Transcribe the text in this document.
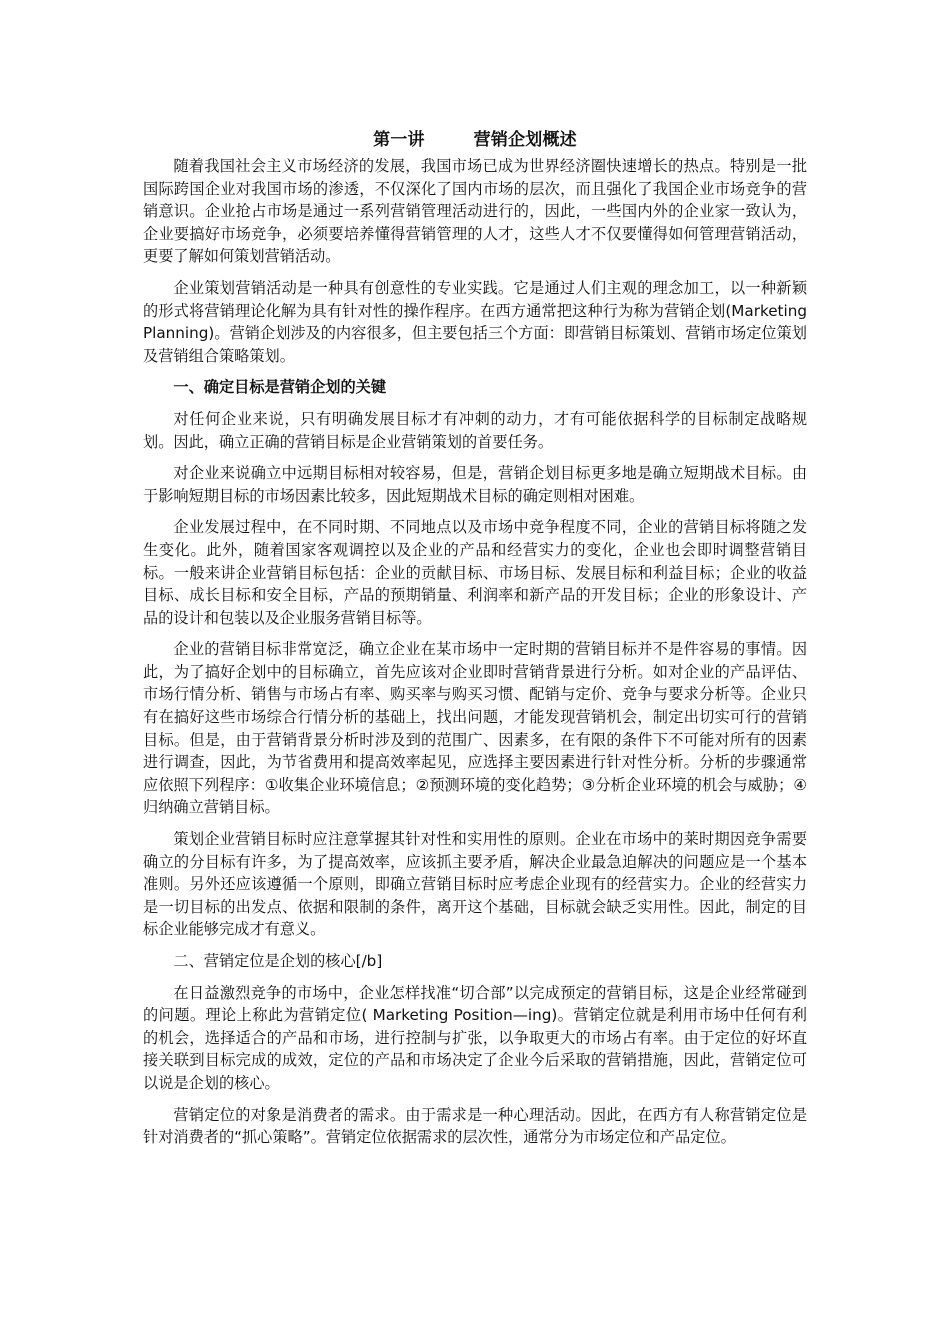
第一讲        营销企划概述

随着我国社会主义市场经济的发展，我国市场已成为世界经济圈快速增长的热点。特别是一批国际跨国企业对我国市场的渗透，不仅深化了国内市场的层次，而且强化了我国企业市场竞争的营销意识。企业抢占市场是通过一系列营销管理活动进行的，因此，一些国内外的企业家一致认为，企业要搞好市场竞争，必须要培养懂得营销管理的人才，这些人才不仅要懂得如何管理营销活动，更要了解如何策划营销活动。

企业策划营销活动是一种具有创意性的专业实践。它是通过人们主观的理念加工，以一种新颖的形式将营销理论化解为具有针对性的操作程序。在西方通常把这种行为称为营销企划(Marketing Planning)。营销企划涉及的内容很多，但主要包括三个方面：即营销目标策划、营销市场定位策划及营销组合策略策划。

一、确定目标是营销企划的关键

对任何企业来说，只有明确发展目标才有冲刺的动力，才有可能依据科学的目标制定战略规划。因此，确立正确的营销目标是企业营销策划的首要任务。

对企业来说确立中远期目标相对较容易，但是，营销企划目标更多地是确立短期战术目标。由于影响短期目标的市场因素比较多，因此短期战术目标的确定则相对困难。

企业发展过程中，在不同时期、不同地点以及市场中竞争程度不同，企业的营销目标将随之发生变化。此外，随着国家客观调控以及企业的产品和经营实力的变化，企业也会即时调整营销目标。一般来讲企业营销目标包括：企业的贡献目标、市场目标、发展目标和利益目标；企业的收益目标、成长目标和安全目标，产品的预期销量、利润率和新产品的开发目标；企业的形象设计、产品的设计和包装以及企业服务营销目标等。

企业的营销目标非常宽泛，确立企业在某市场中一定时期的营销目标并不是件容易的事情。因此，为了搞好企划中的目标确立，首先应该对企业即时营销背景进行分析。如对企业的产品评估、市场行情分析、销售与市场占有率、购买率与购买习惯、配销与定价、竞争与要求分析等。企业只有在搞好这些市场综合行情分析的基础上，找出问题，才能发现营销机会，制定出切实可行的营销目标。但是，由于营销背景分析时涉及到的范围广、因素多，在有限的条件下不可能对所有的因素进行调查，因此，为节省费用和提高效率起见，应选择主要因素进行针对性分析。分析的步骤通常应依照下列程序：①收集企业环境信息；②预测环境的变化趋势；③分析企业环境的机会与威胁；④归纳确立营销目标。

策划企业营销目标时应注意掌握其针对性和实用性的原则。企业在市场中的莱时期因竞争需要确立的分目标有许多，为了提高效率，应该抓主要矛盾，解决企业最急迫解决的问题应是一个基本准则。另外还应该遵循一个原则，即确立营销目标时应考虑企业现有的经营实力。企业的经营实力是一切目标的出发点、依据和限制的条件，离开这个基础，目标就会缺乏实用性。因此，制定的目标企业能够完成才有意义。

二、营销定位是企划的核心[/b]

在日益激烈竞争的市场中，企业怎样找准“切合部”以完成预定的营销目标，这是企业经常碰到的问题。理论上称此为营销定位( Marketing Position—ing)。营销定位就是利用市场中任何有利的机会，选择适合的产品和市场，进行控制与扩张，以争取更大的市场占有率。由于定位的好坏直接关联到目标完成的成效，定位的产品和市场决定了企业今后采取的营销措施，因此，营销定位可以说是企划的核心。

营销定位的对象是消费者的需求。由于需求是一种心理活动。因此，在西方有人称营销定位是针对消费者的“抓心策略”。营销定位依据需求的层次性，通常分为市场定位和产品定位。
